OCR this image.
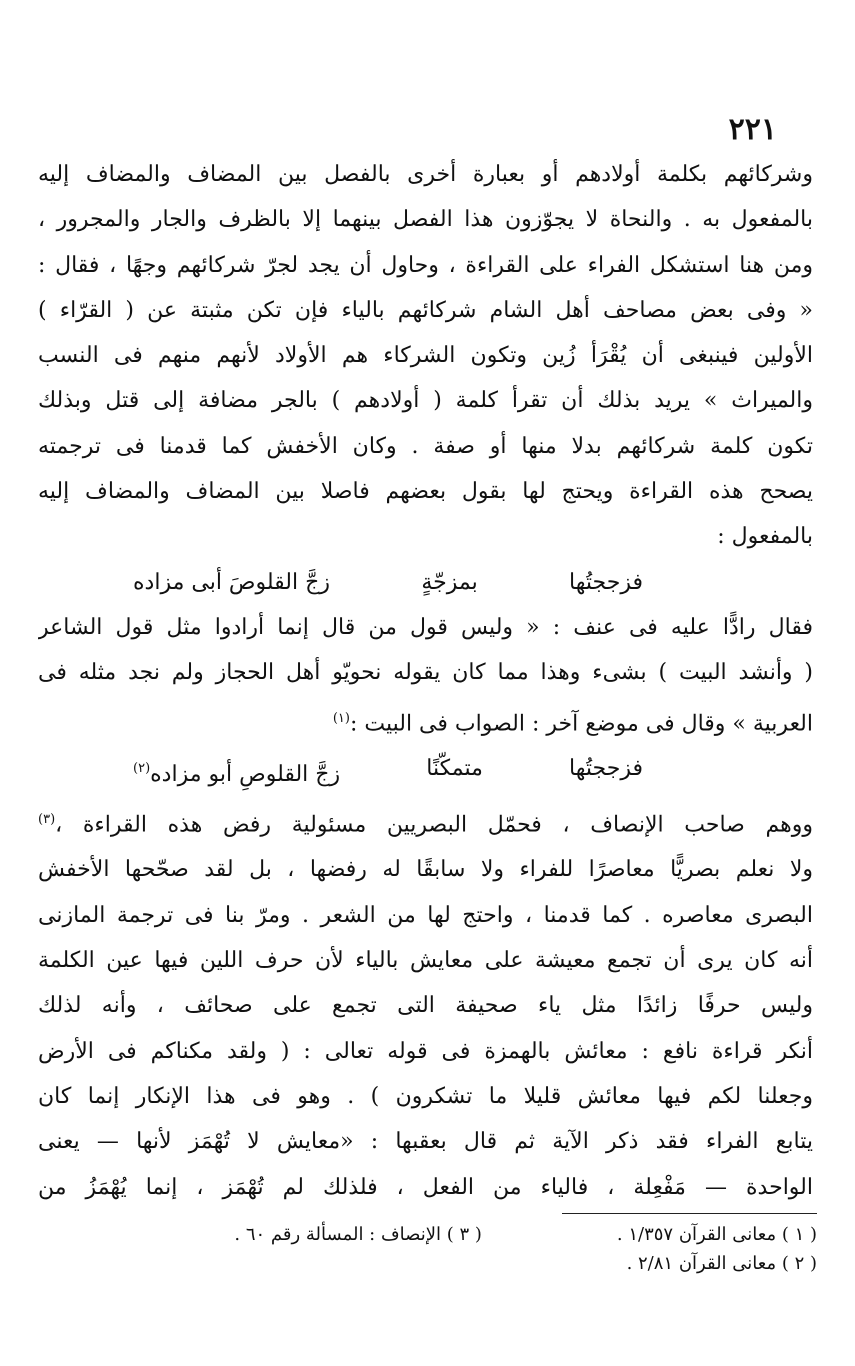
٢٢١
وشركائهم بكلمة أولادهم أو بعبارة أخرى بالفصل بين المضاف والمضاف إليه
بالمفعول به . والنحاة لا يجوّزون هذا الفصل بينهما إلا بالظرف والجار والمجرور ،
ومن هنا استشكل الفراء على القراءة ، وحاول أن يجد لجرّ شركائهم وجهًا ، فقال :
« وفى بعض مصاحف أهل الشام شركائهم بالياء فإن تكن مثبتة عن ( القرّاء )
الأولين فينبغى أن يُقْرَأ زُين وتكون الشركاء هم الأولاد لأنهم منهم فى النسب
والميراث » يريد بذلك أن تقرأ كلمة ( أولادهم ) بالجر مضافة إلى قتل وبذلك
تكون كلمة شركائهم بدلا منها أو صفة . وكان الأخفش كما قدمنا فى ترجمته
يصحح هذه القراءة ويحتج لها بقول بعضهم فاصلا بين المضاف والمضاف إليه
بالمفعول :
فزججتُها
بمزجّةٍ
زجَّ القلوصَ أبى مزاده
فقال رادًّا عليه فى عنف : « وليس قول من قال إنما أرادوا مثل قول الشاعر
( وأنشد البيت ) بشىء وهذا مما كان يقوله نحويّو أهل الحجاز ولم نجد مثله فى
العربية » وقال فى موضع آخر : الصواب فى البيت :$^{(١)}$
فزججتُها
متمكّنًا
زجَّ القلوصِ أبو مزاده$^{(٢)}$
ووهم صاحب الإنصاف ، فحمّل البصريين مسئولية رفض هذه القراءة ،$^{(٣)}$
ولا نعلم بصريًّا معاصرًا للفراء ولا سابقًا له رفضها ، بل لقد صحّحها الأخفش
البصرى معاصره . كما قدمنا ، واحتج لها من الشعر . ومرّ بنا فى ترجمة المازنى
أنه كان يرى أن تجمع معيشة على معايش بالياء لأن حرف اللين فيها عين الكلمة
وليس حرفًا زائدًا مثل ياء صحيفة التى تجمع على صحائف ، وأنه لذلك
أنكر قراءة نافع : معائش بالهمزة فى قوله تعالى : ( ولقد مكناكم فى الأرض
وجعلنا لكم فيها معائش قليلا ما تشكرون ) . وهو فى هذا الإنكار إنما كان
يتابع الفراء فقد ذكر الآية ثم قال بعقبها : «معايش لا تُهْمَز لأنها — يعنى
الواحدة — مَفْعِلة ، فالياء من الفعل ، فلذلك لم تُهْمَز ، إنما يُهْمَزُ من
( ١ ) معانى القرآن ١/٣٥٧ .
( ٣ ) الإنصاف : المسألة رقم ٦٠ .
( ٢ ) معانى القرآن ٢/٨١ .
